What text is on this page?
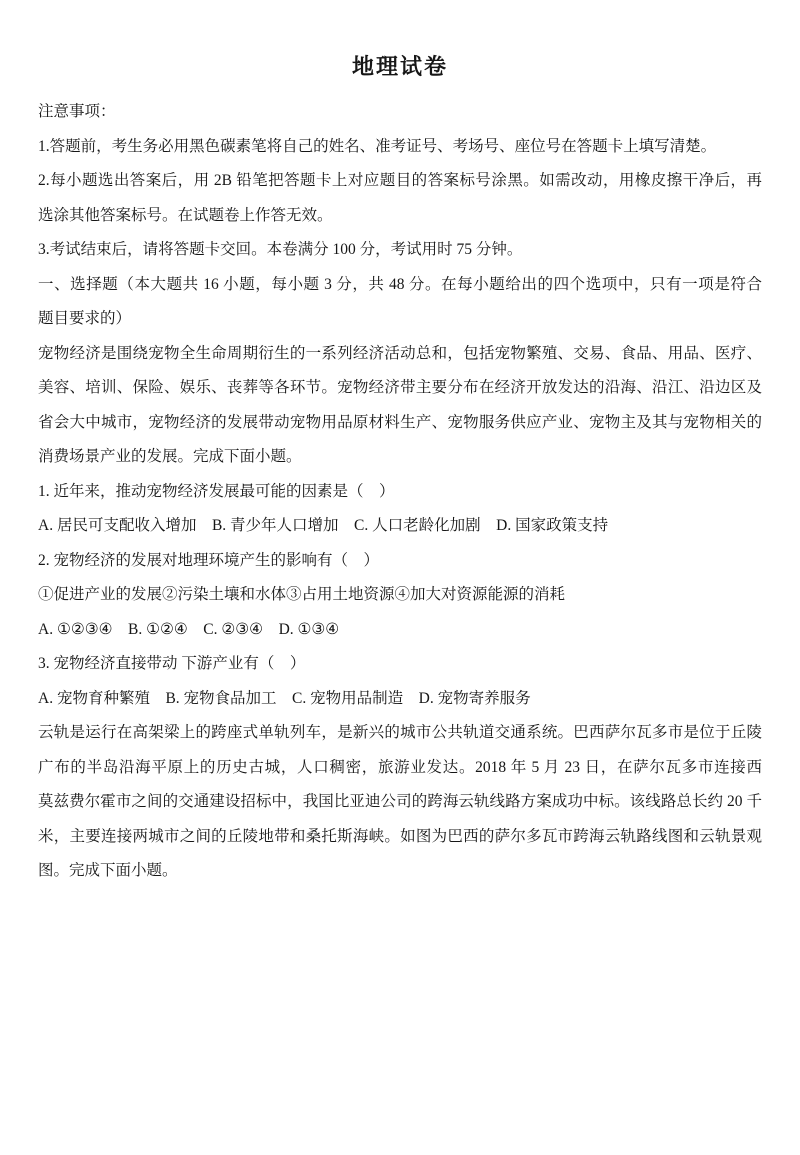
地理试卷
注意事项：
1.答题前，考生务必用黑色碳素笔将自己的姓名、准考证号、考场号、座位号在答题卡上填写清楚。
2.每小题选出答案后，用 2B 铅笔把答题卡上对应题目的答案标号涂黑。如需改动，用橡皮擦干净后，再
选涂其他答案标号。在试题卷上作答无效。
3.考试结束后，请将答题卡交回。本卷满分 100 分，考试用时 75 分钟。
一、选择题（本大题共 16 小题，每小题 3 分，共 48 分。在每小题给出的四个选项中，只有一项是符合
题目要求的）
宠物经济是围绕宠物全生命周期衍生的一系列经济活动总和，包括宠物繁殖、交易、食品、用品、医疗、
美容、培训、保险、娱乐、丧葬等各环节。宠物经济带主要分布在经济开放发达的沿海、沿江、沿边区及
省会大中城市，宠物经济的发展带动宠物用品原材料生产、宠物服务供应产业、宠物主及其与宠物相关的
消费场景产业的发展。完成下面小题。
1. 近年来，推动宠物经济发展最可能的因素是（　）
A. 居民可支配收入增加　B. 青少年人口增加　C. 人口老龄化加剧　D. 国家政策支持
2. 宠物经济的发展对地理环境产生的影响有（　）
①促进产业的发展②污染土壤和水体③占用土地资源④加大对资源能源的消耗
A. ①②③④　B. ①②④　C. ②③④　D. ①③④
3. 宠物经济直接带动 下游产业有（　）
A. 宠物育种繁殖　B. 宠物食品加工　C. 宠物用品制造　D. 宠物寄养服务
云轨是运行在高架梁上的跨座式单轨列车，是新兴的城市公共轨道交通系统。巴西萨尔瓦多市是位于丘陵
广布的半岛沿海平原上的历史古城，人口稠密，旅游业发达。2018 年 5 月 23 日，在萨尔瓦多市连接西
莫兹费尔霍市之间的交通建设招标中，我国比亚迪公司的跨海云轨线路方案成功中标。该线路总长约 20 千
米，主要连接两城市之间的丘陵地带和桑托斯海峡。如图为巴西的萨尔多瓦市跨海云轨路线图和云轨景观
图。完成下面小题。
